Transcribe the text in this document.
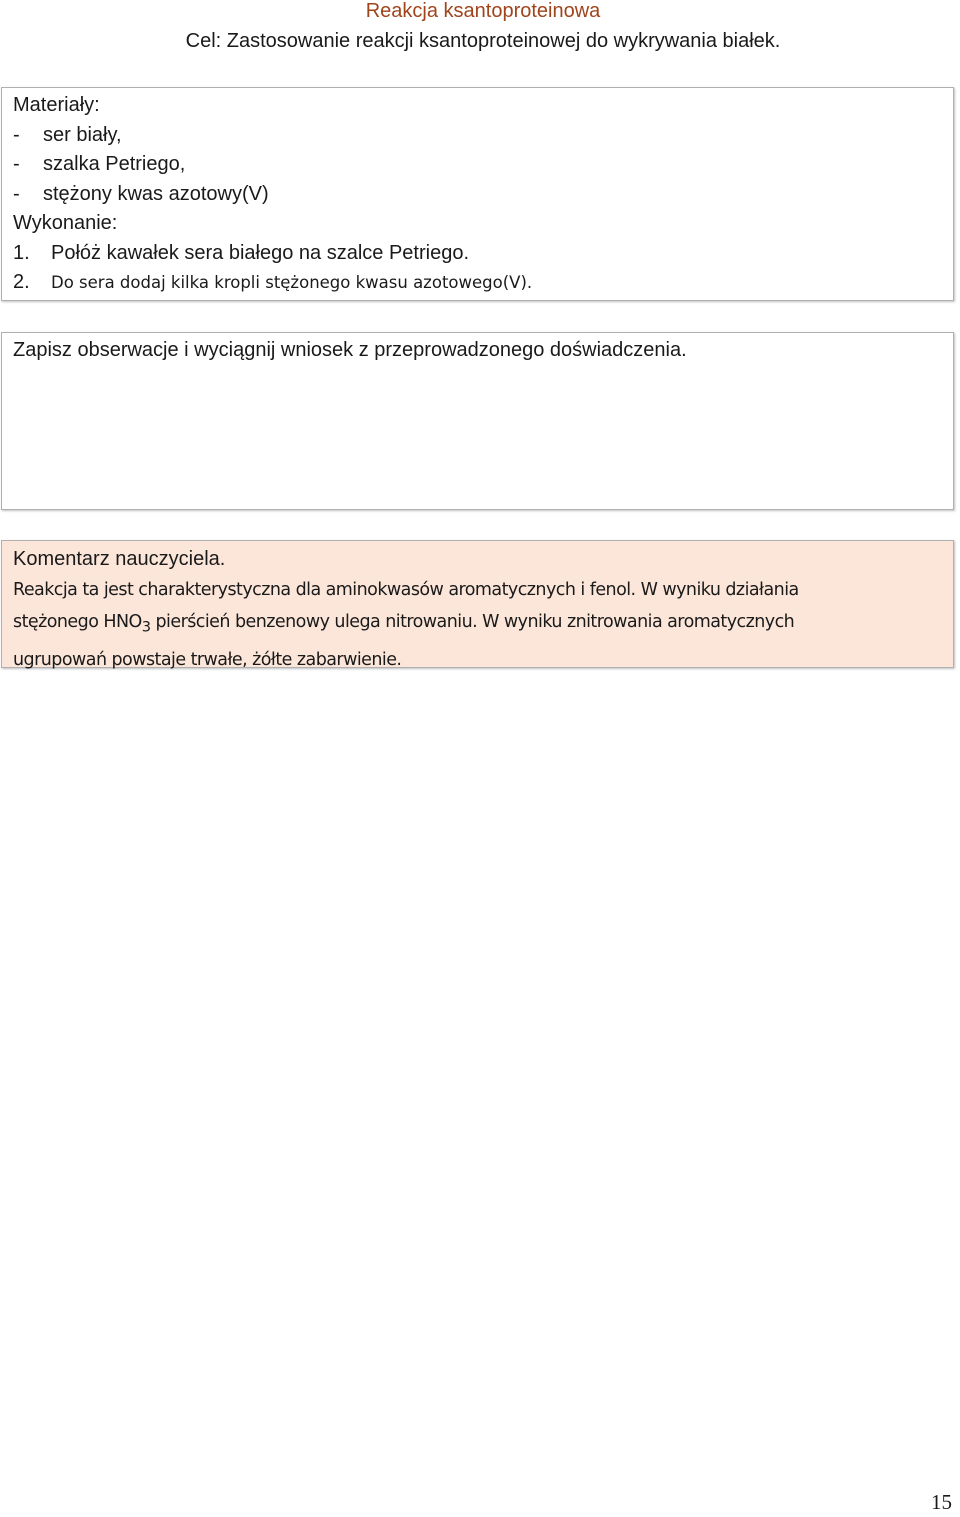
Reakcja ksantoproteinowa
Cel: Zastosowanie reakcji ksantoproteinowej do wykrywania białek.
Materiały:
- ser biały,
- szalka Petriego,
- stężony kwas azotowy(V)
Wykonanie:
1. Połóż kawałek sera białego na szalce Petriego.
2. Do sera dodaj kilka kropli stężonego kwasu azotowego(V).
Zapisz obserwacje i wyciągnij wniosek z przeprowadzonego doświadczenia.
Komentarz nauczyciela.
Reakcja ta jest charakterystyczna dla aminokwasów aromatycznych i fenol. W wyniku działania
stężonego $HNO_3$ pierścień benzenowy ulega nitrowaniu. W wyniku znitrowania aromatycznych
ugrupowań powstaje trwałe, żółte zabarwienie.
15
